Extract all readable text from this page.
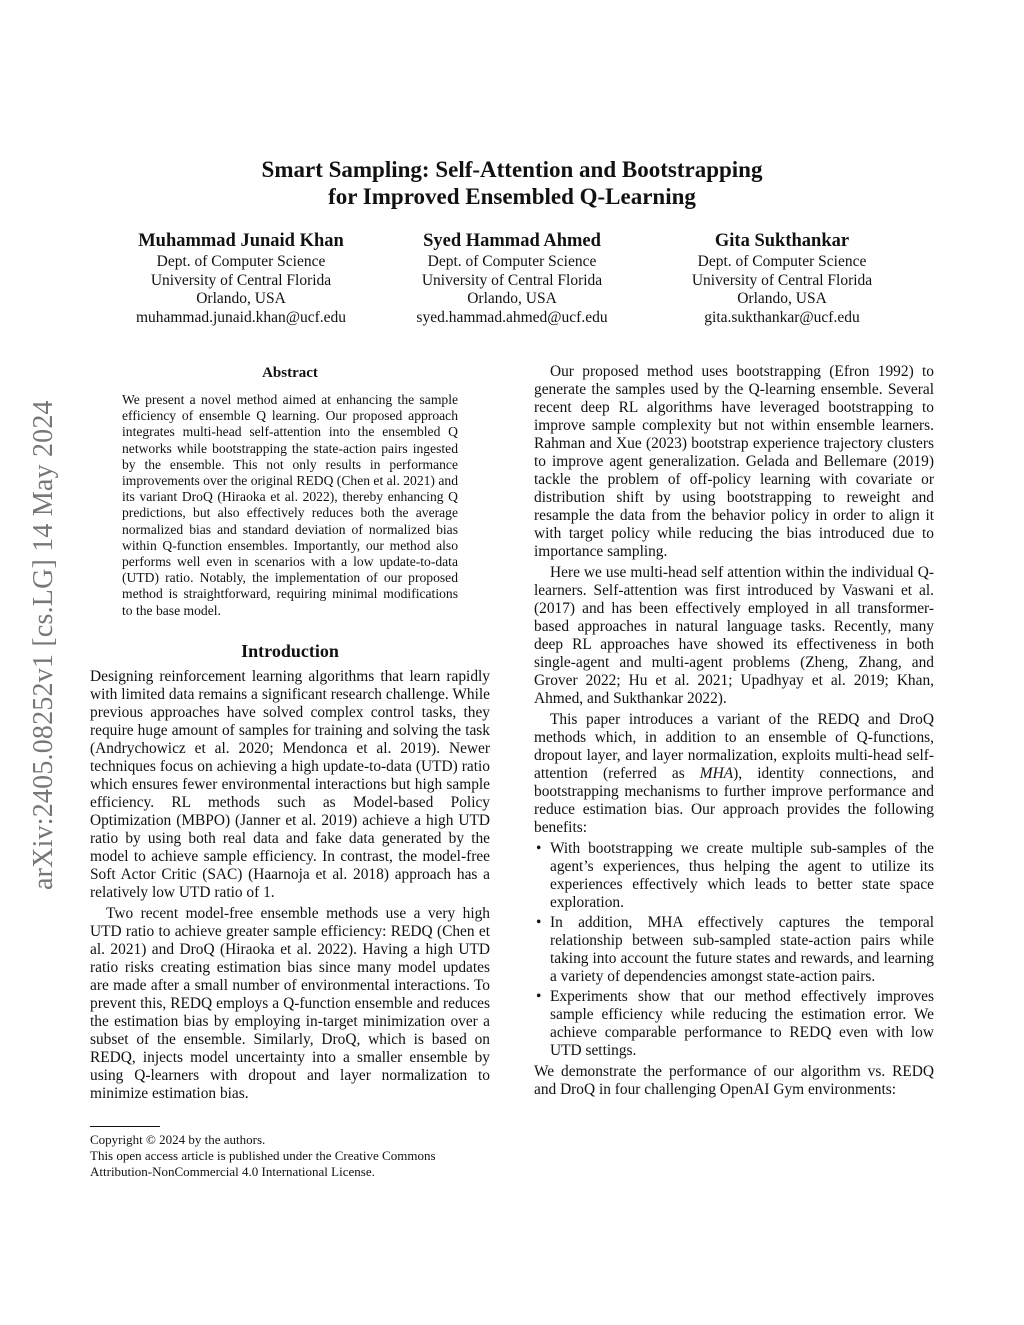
arXiv:2405.08252v1 [cs.LG] 14 May 2024
Smart Sampling: Self-Attention and Bootstrapping
for Improved Ensembled Q-Learning
Muhammad Junaid Khan
Dept. of Computer Science
University of Central Florida
Orlando, USA
muhammad.junaid.khan@ucf.edu
Syed Hammad Ahmed
Dept. of Computer Science
University of Central Florida
Orlando, USA
syed.hammad.ahmed@ucf.edu
Gita Sukthankar
Dept. of Computer Science
University of Central Florida
Orlando, USA
gita.sukthankar@ucf.edu
Abstract

We present a novel method aimed at enhancing the sample efficiency of ensemble Q learning. Our proposed approach integrates multi-head self-attention into the ensembled Q networks while bootstrapping the state-action pairs ingested by the ensemble. This not only results in performance improvements over the original REDQ (Chen et al. 2021) and its variant DroQ (Hiraoka et al. 2022), thereby enhancing Q predictions, but also effectively reduces both the average normalized bias and standard deviation of normalized bias within Q-function ensembles. Importantly, our method also performs well even in scenarios with a low update-to-data (UTD) ratio. Notably, the implementation of our proposed method is straightforward, requiring minimal modifications to the base model.

Introduction

Designing reinforcement learning algorithms that learn rapidly with limited data remains a significant research challenge. While previous approaches have solved complex control tasks, they require huge amount of samples for training and solving the task (Andrychowicz et al. 2020; Mendonca et al. 2019). Newer techniques focus on achieving a high update-to-data (UTD) ratio which ensures fewer environmental interactions but high sample efficiency. RL methods such as Model-based Policy Optimization (MBPO) (Janner et al. 2019) achieve a high UTD ratio by using both real data and fake data generated by the model to achieve sample efficiency. In contrast, the model-free Soft Actor Critic (SAC) (Haarnoja et al. 2018) approach has a relatively low UTD ratio of 1.

Two recent model-free ensemble methods use a very high UTD ratio to achieve greater sample efficiency: REDQ (Chen et al. 2021) and DroQ (Hiraoka et al. 2022). Having a high UTD ratio risks creating estimation bias since many model updates are made after a small number of environmental interactions. To prevent this, REDQ employs a Q-function ensemble and reduces the estimation bias by employing in-target minimization over a subset of the ensemble. Similarly, DroQ, which is based on REDQ, injects model uncertainty into a smaller ensemble by using Q-learners with dropout and layer normalization to minimize estimation bias.

Our proposed method uses bootstrapping (Efron 1992) to generate the samples used by the Q-learning ensemble. Several recent deep RL algorithms have leveraged bootstrapping to improve sample complexity but not within ensemble learners. Rahman and Xue (2023) bootstrap experience trajectory clusters to improve agent generalization. Gelada and Bellemare (2019) tackle the problem of off-policy learning with covariate or distribution shift by using bootstrapping to reweight and resample the data from the behavior policy in order to align it with target policy while reducing the bias introduced due to importance sampling.

Here we use multi-head self attention within the individual Q-learners. Self-attention was first introduced by Vaswani et al. (2017) and has been effectively employed in all transformer-based approaches in natural language tasks. Recently, many deep RL approaches have showed its effectiveness in both single-agent and multi-agent problems (Zheng, Zhang, and Grover 2022; Hu et al. 2021; Upadhyay et al. 2019; Khan, Ahmed, and Sukthankar 2022).

This paper introduces a variant of the REDQ and DroQ methods which, in addition to an ensemble of Q-functions, dropout layer, and layer normalization, exploits multi-head self-attention (referred as MHA), identity connections, and bootstrapping mechanisms to further improve performance and reduce estimation bias. Our approach provides the following benefits:

• With bootstrapping we create multiple sub-samples of the agent’s experiences, thus helping the agent to utilize its experiences effectively which leads to better state space exploration.
• In addition, MHA effectively captures the temporal relationship between sub-sampled state-action pairs while taking into account the future states and rewards, and learning a variety of dependencies amongst state-action pairs.
• Experiments show that our method effectively improves sample efficiency while reducing the estimation error. We achieve comparable performance to REDQ even with low UTD settings.

We demonstrate the performance of our algorithm vs. REDQ and DroQ in four challenging OpenAI Gym environments:

Copyright © 2024 by the authors.

This open access article is published under the Creative Commons Attribution-NonCommercial 4.0 International License.
